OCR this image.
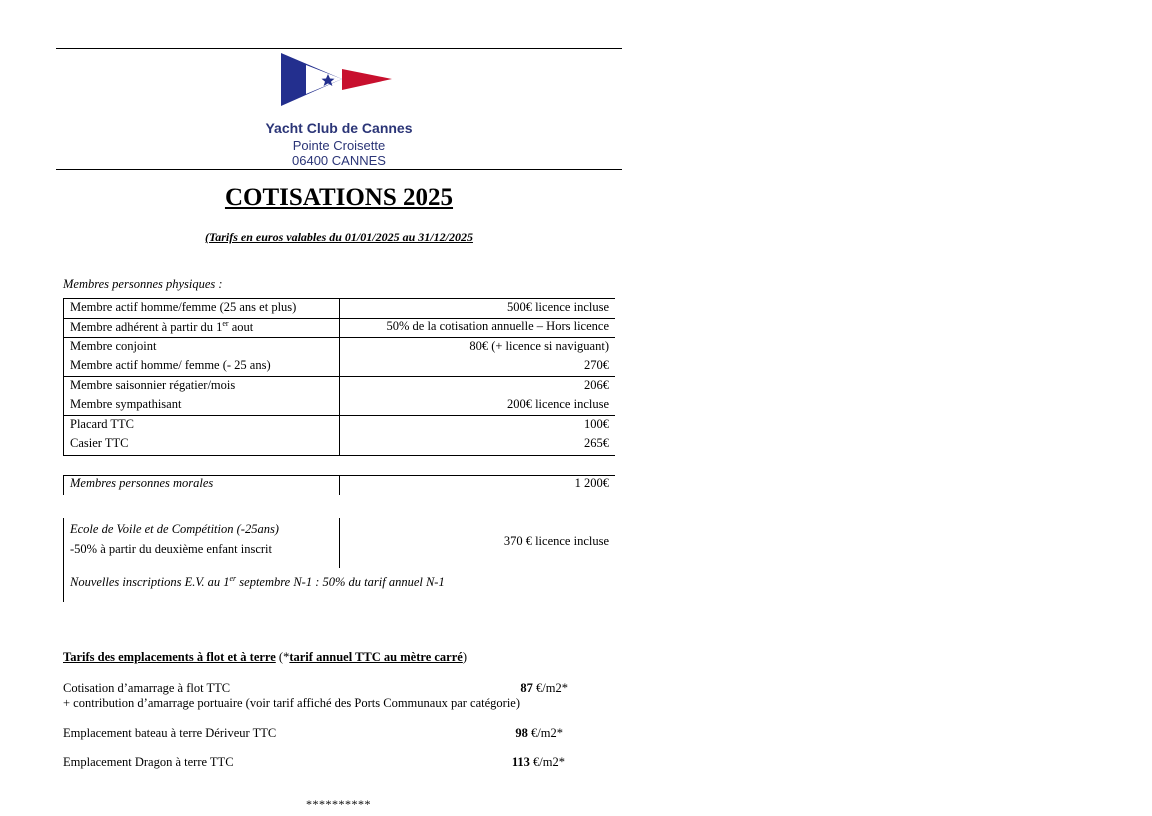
Yacht Club de Cannes
Pointe Croisette
06400 CANNES
COTISATIONS 2025
(Tarifs en euros valables du 01/01/2025 au 31/12/2025
Membres personnes physiques :
Membre actif homme/femme (25 ans et plus)	500€ licence incluse
Membre adhérent à partir du 1er aout	50% de la cotisation annuelle – Hors licence
Membre conjoint	80€ (+ licence si naviguant)
Membre actif homme/ femme (- 25 ans)	270€
Membre saisonnier régatier/mois	206€
Membre sympathisant	200€ licence incluse
Placard TTC	100€
Casier TTC	265€
Membres personnes morales	1 200€
Ecole de Voile et de Compétition (-25ans)
-50% à partir du deuxième enfant inscrit
370 € licence incluse
Nouvelles inscriptions E.V. au 1er septembre N-1 : 50% du tarif annuel N-1
Tarifs des emplacements à flot et à terre (*tarif annuel TTC au mètre carré)
Cotisation d’amarrage à flot TTC	87 €/m2*
+ contribution d’amarrage portuaire (voir tarif affiché des Ports Communaux par catégorie)
Emplacement bateau à terre Dériveur TTC	98 €/m2*
Emplacement Dragon à terre TTC	113 €/m2*
**********
